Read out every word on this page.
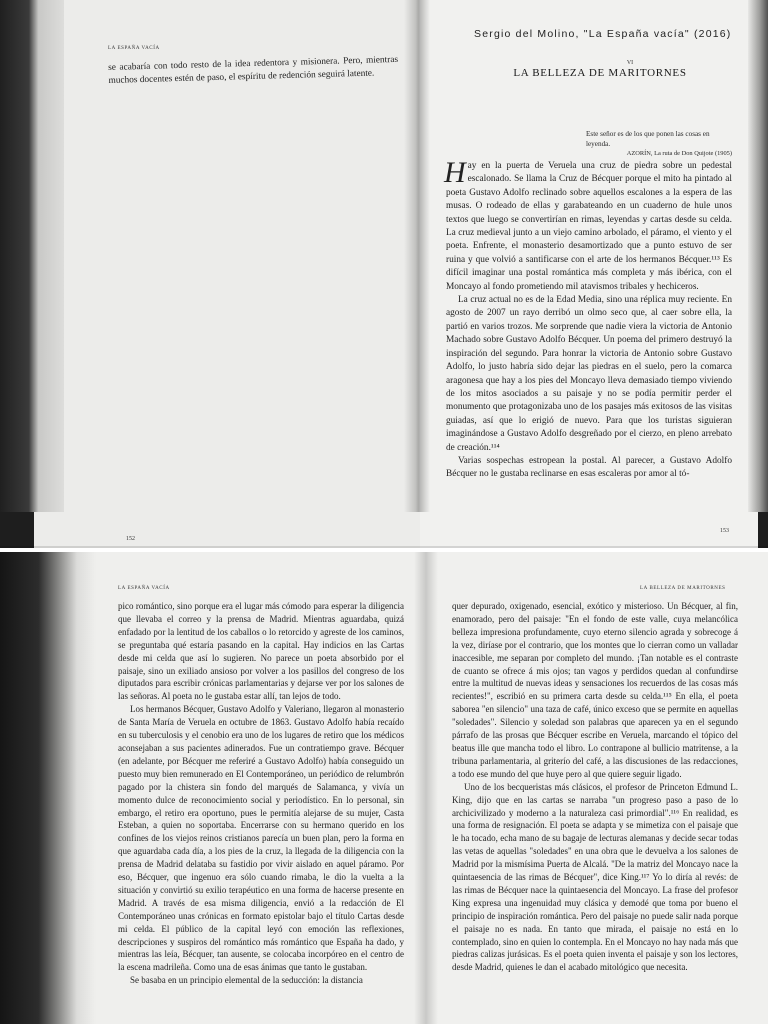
LA ESPAÑA VACÍA

se acabaría con todo resto de la idea redentora y misionera. Pero, mientras muchos docentes estén de paso, el espíritu de redención seguirá latente.

152
Sergio del Molino, "La España vacía" (2016)
VI
LA BELLEZA DE MARITORNES
Este señor es de los que ponen las cosas en leyenda.
AZORÍN, La ruta de Don Quijote (1905)

Hay en la puerta de Veruela una cruz de piedra sobre un pedestal escalonado. Se llama la Cruz de Bécquer porque el mito ha pintado al poeta Gustavo Adolfo reclinado sobre aquellos escalones a la espera de las musas. O rodeado de ellas y garabateando en un cuaderno de hule unos textos que luego se convertirían en rimas, leyendas y cartas desde su celda. La cruz medieval junto a un viejo camino arbolado, el páramo, el viento y el poeta. Enfrente, el monasterio desamortizado que a punto estuvo de ser ruina y que volvió a santificarse con el arte de los hermanos Bécquer.¹¹³ Es difícil imaginar una postal romántica más completa y más ibérica, con el Moncayo al fondo prometiendo mil atavismos tribales y hechiceros.

La cruz actual no es de la Edad Media, sino una réplica muy reciente. En agosto de 2007 un rayo derribó un olmo seco que, al caer sobre ella, la partió en varios trozos. Me sorprende que nadie viera la victoria de Antonio Machado sobre Gustavo Adolfo Bécquer. Un poema del primero destruyó la inspiración del segundo. Para honrar la victoria de Antonio sobre Gustavo Adolfo, lo justo habría sido dejar las piedras en el suelo, pero la comarca aragonesa que hay a los pies del Moncayo lleva demasiado tiempo viviendo de los mitos asociados a su paisaje y no se podía permitir perder el monumento que protagonizaba uno de los pasajes más exitosos de las visitas guiadas, así que lo erigió de nuevo. Para que los turistas siguieran imaginándose a Gustavo Adolfo desgreñado por el cierzo, en pleno arrebato de creación.¹¹⁴

Varias sospechas estropean la postal. Al parecer, a Gustavo Adolfo Bécquer no le gustaba reclinarse en esas escaleras por amor al tó-

153
LA ESPAÑA VACÍA

pico romántico, sino porque era el lugar más cómodo para esperar la diligencia que llevaba el correo y la prensa de Madrid. Mientras aguardaba, quizá enfadado por la lentitud de los caballos o lo retorcido y agreste de los caminos, se preguntaba qué estaría pasando en la capital. Hay indicios en las Cartas desde mi celda que así lo sugieren. No parece un poeta absorbido por el paisaje, sino un exiliado ansioso por volver a los pasillos del congreso de los diputados para escribir crónicas parlamentarias y dejarse ver por los salones de las señoras. Al poeta no le gustaba estar allí, tan lejos de todo.

Los hermanos Bécquer, Gustavo Adolfo y Valeriano, llegaron al monasterio de Santa María de Veruela en octubre de 1863. Gustavo Adolfo había recaído en su tuberculosis y el cenobio era uno de los lugares de retiro que los médicos aconsejaban a sus pacientes adinerados. Fue un contratiempo grave. Bécquer (en adelante, por Bécquer me referiré a Gustavo Adolfo) había conseguido un puesto muy bien remunerado en El Contemporáneo, un periódico de relumbrón pagado por la chistera sin fondo del marqués de Salamanca, y vivía un momento dulce de reconocimiento social y periodístico. En lo personal, sin embargo, el retiro era oportuno, pues le permitía alejarse de su mujer, Casta Esteban, a quien no soportaba. Encerrarse con su hermano querido en los confines de los viejos reinos cristianos parecía un buen plan, pero la forma en que aguardaba cada día, a los pies de la cruz, la llegada de la diligencia con la prensa de Madrid delataba su fastidio por vivir aislado en aquel páramo. Por eso, Bécquer, que ingenuo era sólo cuando rimaba, le dio la vuelta a la situación y convirtió su exilio terapéutico en una forma de hacerse presente en Madrid. A través de esa misma diligencia, envió a la redacción de El Contemporáneo unas crónicas en formato epistolar bajo el título Cartas desde mi celda. El público de la capital leyó con emoción las reflexiones, descripciones y suspiros del romántico más romántico que España ha dado, y mientras las leía, Bécquer, tan ausente, se colocaba incorpóreo en el centro de la escena madrileña. Como una de esas ánimas que tanto le gustaban.

Se basaba en un principio elemental de la seducción: la distancia

LA BELLEZA DE MARITORNES

quer depurado, oxigenado, esencial, exótico y misterioso. Un Bécquer, al fin, enamorado, pero del paisaje: "En el fondo de este valle, cuya melancólica belleza impresiona profundamente, cuyo eterno silencio agrada y sobrecoge á la vez, diríase por el contrario, que los montes que lo cierran como un valladar inaccesible, me separan por completo del mundo. ¡Tan notable es el contraste de cuanto se ofrece á mis ojos; tan vagos y perdidos quedan al confundirse entre la multitud de nuevas ideas y sensaciones los recuerdos de las cosas más recientes!", escribió en su primera carta desde su celda.¹¹⁵ En ella, el poeta saborea "en silencio" una taza de café, único exceso que se permite en aquellas "soledades". Silencio y soledad son palabras que aparecen ya en el segundo párrafo de las prosas que Bécquer escribe en Veruela, marcando el tópico del beatus ille que mancha todo el libro. Lo contrapone al bullicio matritense, a la tribuna parlamentaria, al griterío del café, a las discusiones de las redacciones, a todo ese mundo del que huye pero al que quiere seguir ligado.

Uno de los becqueristas más clásicos, el profesor de Princeton Edmund L. King, dijo que en las cartas se narraba "un progreso paso a paso de lo archicivilizado y moderno a la naturaleza casi primordial".¹¹⁶ En realidad, es una forma de resignación. El poeta se adapta y se mimetiza con el paisaje que le ha tocado, echa mano de su bagaje de lecturas alemanas y decide secar todas las vetas de aquellas "soledades" en una obra que le devuelva a los salones de Madrid por la mismísima Puerta de Alcalá. "De la matriz del Moncayo nace la quintaesencia de las rimas de Bécquer", dice King.¹¹⁷ Yo lo diría al revés: de las rimas de Bécquer nace la quintaesencia del Moncayo. La frase del profesor King expresa una ingenuidad muy clásica y demodé que toma por bueno el principio de inspiración romántica. Pero del paisaje no puede salir nada porque el paisaje no es nada. En tanto que mirada, el paisaje no está en lo contemplado, sino en quien lo contempla. En el Moncayo no hay nada más que piedras calizas jurásicas. Es el poeta quien inventa el paisaje y son los lectores, desde Madrid, quienes le dan el acabado mitológico que necesita.
